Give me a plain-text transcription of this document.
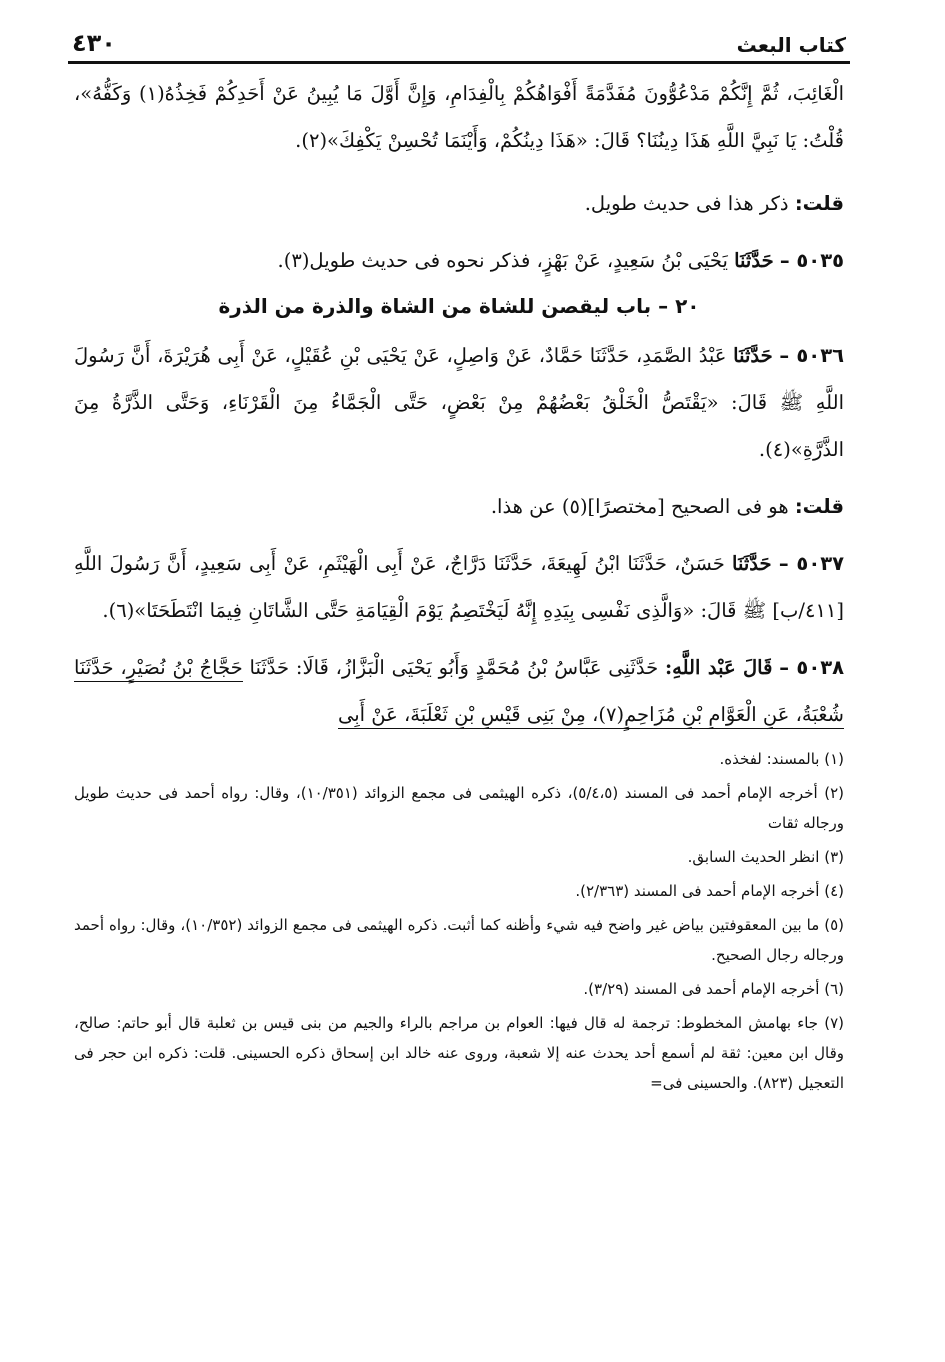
كتاب البعث
٤٣٠

الْغَائِبَ، ثُمَّ إِنَّكُمْ مَدْعُوُّونَ مُفَدَّمَةً أَفْوَاهُكُمْ بِالْفِدَامِ، وَإِنَّ أَوَّلَ مَا يُبِينُ عَنْ أَحَدِكُمْ فَخِذُهُ(١) وَكَفُّهُ»، قُلْتُ: يَا نَبِيَّ اللَّهِ هَذَا دِينُنَا؟ قَالَ: «هَذَا دِينُكُمْ، وَأَيْنَمَا تُحْسِنْ يَكْفِكَ»(٢).

قلت: ذكر هذا فى حديث طويل.

٥٠٣٥ – حَدَّثَنَا يَحْيَى بْنُ سَعِيدٍ، عَنْ بَهْزٍ، فذكر نحوه فى حديث طويل(٣).

٢٠ – باب ليقصن للشاة من الشاة والذرة من الذرة

٥٠٣٦ – حَدَّثَنَا عَبْدُ الصَّمَدِ، حَدَّثَنَا حَمَّادٌ، عَنْ وَاصِلٍ، عَنْ يَحْيَى بْنِ عُقَيْلٍ، عَنْ أَبِى هُرَيْرَةَ، أَنَّ رَسُولَ اللَّهِ ﷺ قَالَ: «يَقْتَصُّ الْخَلْقُ بَعْضُهُمْ مِنْ بَعْضٍ، حَتَّى الْجَمَّاءُ مِنَ الْقَرْنَاءِ، وَحَتَّى الذَّرَّةُ مِنَ الذَّرَّةِ»(٤).

قلت: هو فى الصحيح [مختصرًا](٥) عن هذا.

٥٠٣٧ – حَدَّثَنَا حَسَنٌ، حَدَّثَنَا ابْنُ لَهِيعَةَ، حَدَّثَنَا دَرَّاجٌ، عَنْ أَبِى الْهَيْثَمِ، عَنْ أَبِى سَعِيدٍ، أَنَّ رَسُولَ اللَّهِ [٤١١/ب] ﷺ قَالَ: «وَالَّذِى نَفْسِى بِيَدِهِ إِنَّهُ لَيَخْتَصِمُ يَوْمَ الْقِيَامَةِ حَتَّى الشَّاتَانِ فِيمَا انْتَطَحَتَا»(٦).

٥٠٣٨ – قَالَ عَبْد اللَّهِ: حَدَّثَنِى عَبَّاسُ بْنُ مُحَمَّدٍ وَأَبُو يَحْيَى الْبَزَّازُ، قَالَا: حَدَّثَنَا حَجَّاجُ بْنُ نُصَيْرٍ، حَدَّثَنَا شُعْبَةُ، عَنِ الْعَوَّامِ بْنِ مُزَاحِمٍ(٧)، مِنْ بَنِى قَيْسِ بْنِ ثَعْلَبَةَ، عَنْ أَبِى

(١) بالمسند: لفخذه.

(٢) أخرجه الإمام أحمد فى المسند (٥/٤،٥)، ذكره الهيثمى فى مجمع الزوائد (١٠/٣٥١)، وقال: رواه أحمد فى حديث طويل ورجاله ثقات

(٣) انظر الحديث السابق.

(٤) أخرجه الإمام أحمد فى المسند (٢/٣٦٣).

(٥) ما بين المعقوفتين بياض غير واضح فيه شيء وأظنه كما أثبت. ذكره الهيثمى فى مجمع الزوائد (١٠/٣٥٢)، وقال: رواه أحمد ورجاله رجال الصحيح.

(٦) أخرجه الإمام أحمد فى المسند (٣/٢٩).

(٧) جاء بهامش المخطوط: ترجمة له قال فيها: العوام بن مراجم بالراء والجيم من بنى قيس بن ثعلبة قال أبو حاتم: صالح، وقال ابن معين: ثقة لم أسمع أحد يحدث عنه إلا شعبة، وروى عنه خالد ابن إسحاق ذكره الحسينى. قلت: ذكره ابن حجر فى التعجيل (٨٢٣). والحسينى فى=
